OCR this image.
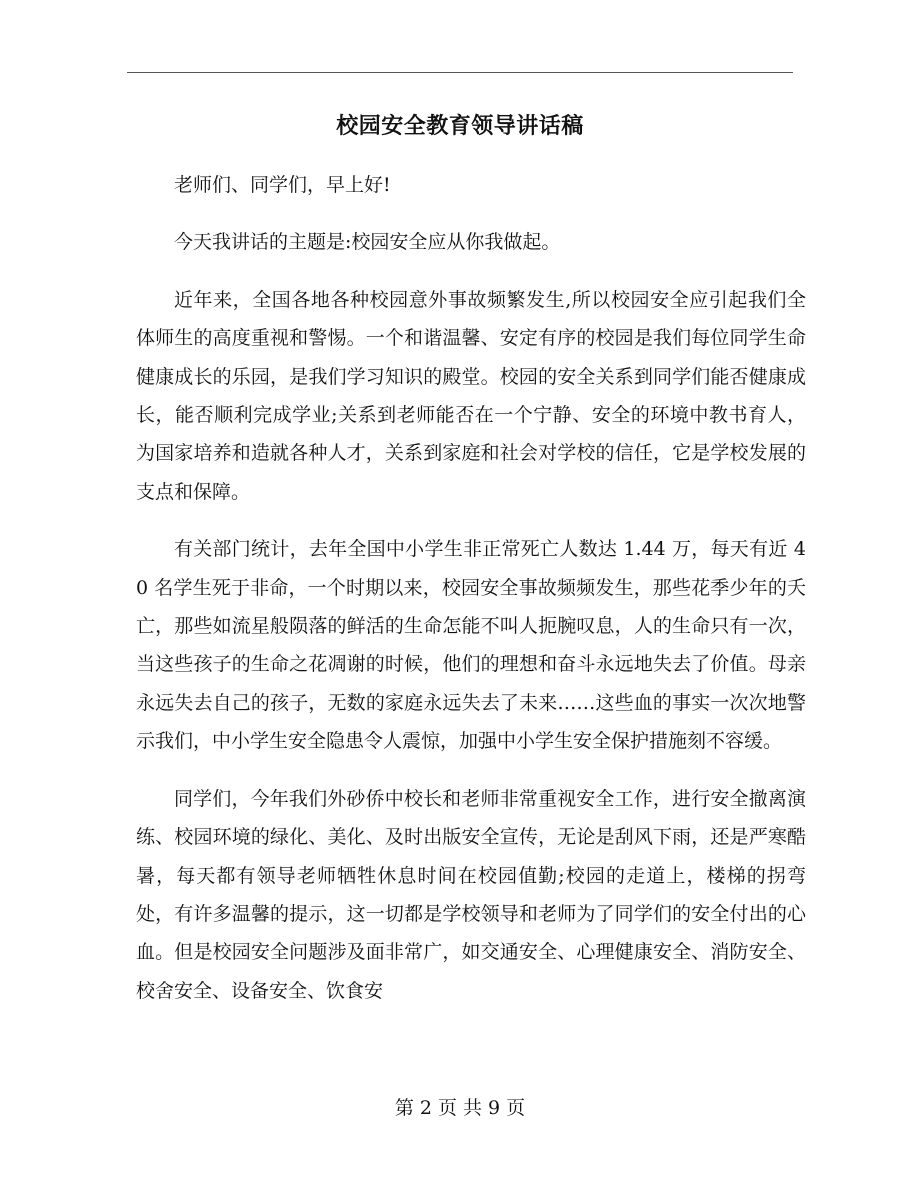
校园安全教育领导讲话稿

老师们、同学们，早上好!

今天我讲话的主题是:校园安全应从你我做起。

近年来，全国各地各种校园意外事故频繁发生,所以校园安全应引起我们全体师生的高度重视和警惕。一个和谐温馨、安定有序的校园是我们每位同学生命健康成长的乐园，是我们学习知识的殿堂。校园的安全关系到同学们能否健康成长，能否顺利完成学业;关系到老师能否在一个宁静、安全的环境中教书育人，为国家培养和造就各种人才，关系到家庭和社会对学校的信任，它是学校发展的支点和保障。

有关部门统计，去年全国中小学生非正常死亡人数达 1.44 万，每天有近 40 名学生死于非命，一个时期以来，校园安全事故频频发生，那些花季少年的夭亡，那些如流星般陨落的鲜活的生命怎能不叫人扼腕叹息，人的生命只有一次，当这些孩子的生命之花凋谢的时候，他们的理想和奋斗永远地失去了价值。母亲永远失去自己的孩子，无数的家庭永远失去了未来……这些血的事实一次次地警示我们，中小学生安全隐患令人震惊，加强中小学生安全保护措施刻不容缓。

同学们，今年我们外砂侨中校长和老师非常重视安全工作，进行安全撤离演练、校园环境的绿化、美化、及时出版安全宣传，无论是刮风下雨，还是严寒酷暑，每天都有领导老师牺牲休息时间在校园值勤;校园的走道上，楼梯的拐弯处，有许多温馨的提示，这一切都是学校领导和老师为了同学们的安全付出的心血。但是校园安全问题涉及面非常广，如交通安全、心理健康安全、消防安全、校舍安全、设备安全、饮食安

第 2 页 共 9 页
